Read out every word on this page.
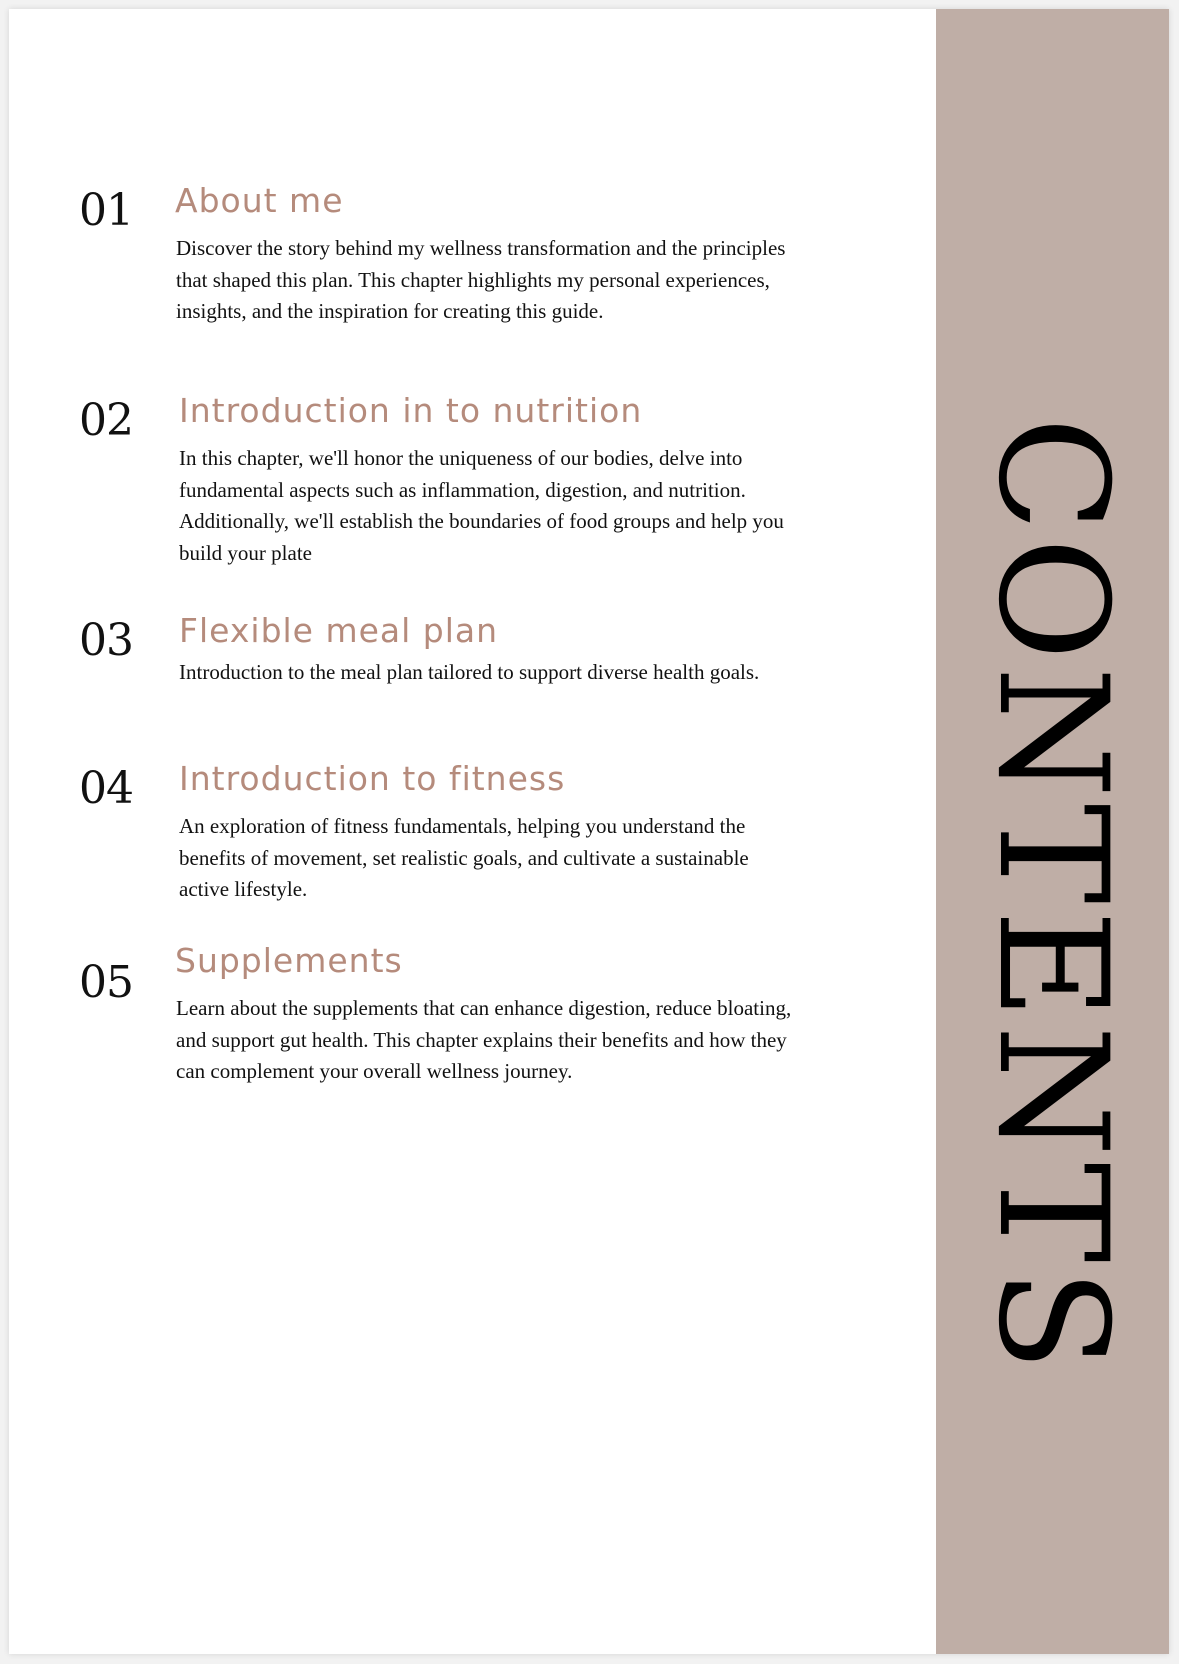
01 About me
Discover the story behind my wellness transformation and the principles that shaped this plan. This chapter highlights my personal experiences, insights, and the inspiration for creating this guide.
02 Introduction in to nutrition
In this chapter, we'll honor the uniqueness of our bodies, delve into fundamental aspects such as inflammation, digestion, and nutrition. Additionally, we'll establish the boundaries of food groups and help you build your plate
03 Flexible meal plan
Introduction to the meal plan tailored to support diverse health goals.
04 Introduction to fitness
An exploration of fitness fundamentals, helping you understand the benefits of movement, set realistic goals, and cultivate a sustainable active lifestyle.
05 Supplements
Learn about the supplements that can enhance digestion, reduce bloating, and support gut health. This chapter explains their benefits and how they can complement your overall wellness journey.	CONTENTS
